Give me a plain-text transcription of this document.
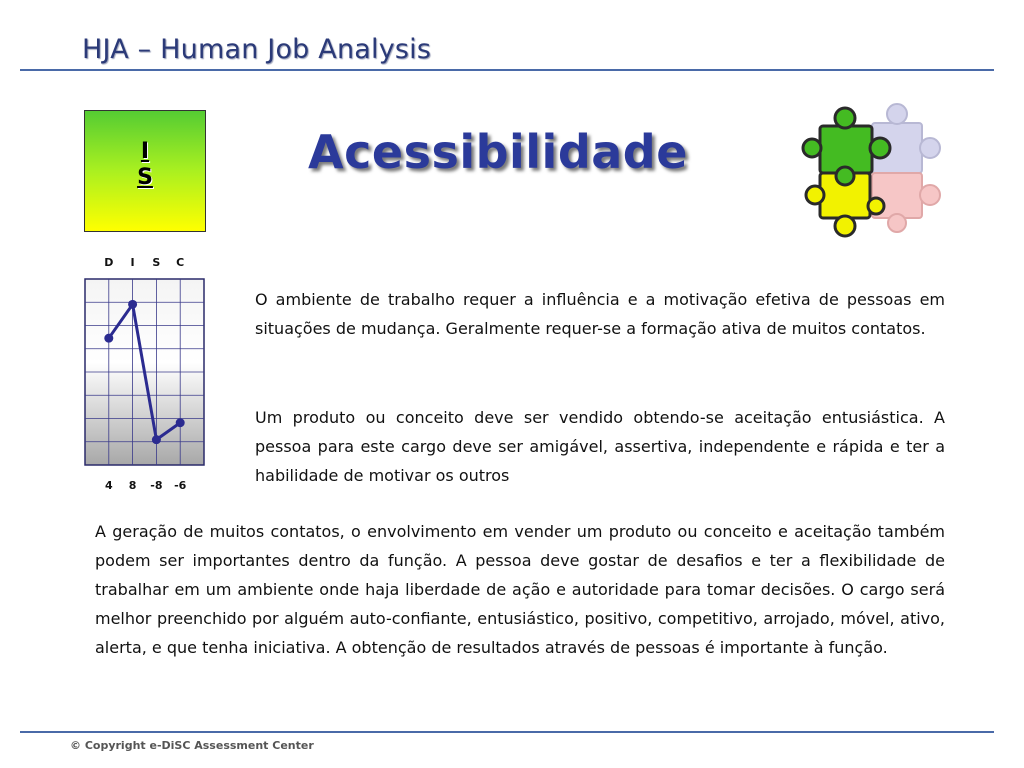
HJA – Human Job Analysis
I
S	Acessibilidade
D I S C
4 8 -8 -6
O ambiente de trabalho requer a influência e a motivação efetiva de pessoas em situações de mudança. Geralmente requer-se a formação ativa de muitos contatos.
Um produto ou conceito deve ser vendido obtendo-se aceitação entusiástica. A pessoa para este cargo deve ser amigável, assertiva, independente e rápida e ter a habilidade de motivar os outros
A geração de muitos contatos, o envolvimento em vender um produto ou conceito e aceitação também podem ser importantes dentro da função. A pessoa deve gostar de desafios e ter a flexibilidade de trabalhar em um ambiente onde haja liberdade de ação e autoridade para tomar decisões. O cargo será melhor preenchido por alguém auto-confiante, entusiástico, positivo, competitivo, arrojado, móvel, ativo, alerta, e que tenha iniciativa. A obtenção de resultados através de pessoas é importante à função.
© Copyright e-DiSC Assessment Center
